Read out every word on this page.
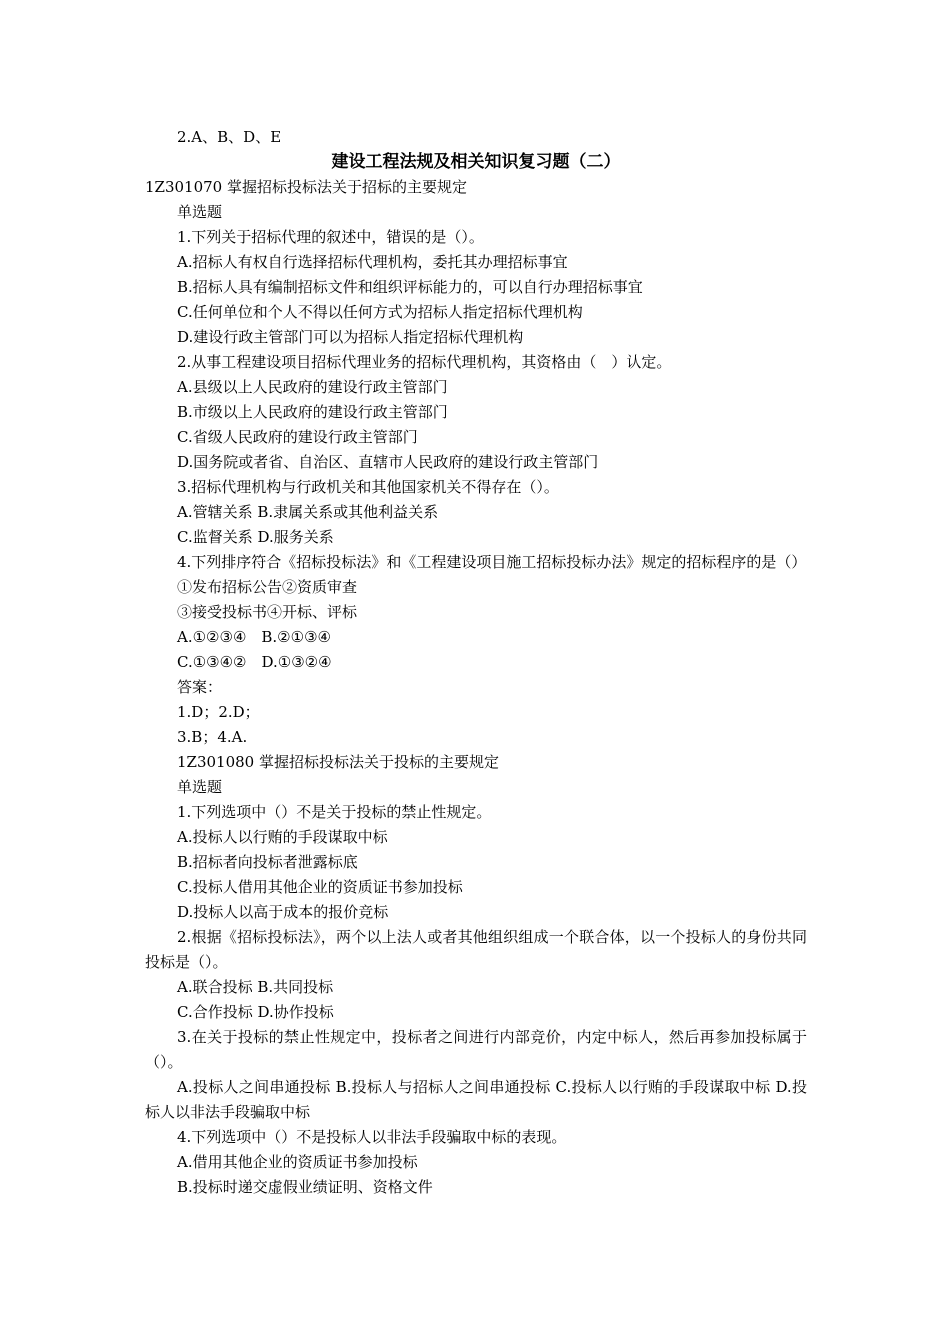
2.A、B、D、E
建设工程法规及相关知识复习题（二）
1Z301070 掌握招标投标法关于招标的主要规定
单选题
1.下列关于招标代理的叙述中，错误的是（）。
A.招标人有权自行选择招标代理机构，委托其办理招标事宜
B.招标人具有编制招标文件和组织评标能力的，可以自行办理招标事宜
C.任何单位和个人不得以任何方式为招标人指定招标代理机构
D.建设行政主管部门可以为招标人指定招标代理机构
2.从事工程建设项目招标代理业务的招标代理机构，其资格由（　）认定。
A.县级以上人民政府的建设行政主管部门
B.市级以上人民政府的建设行政主管部门
C.省级人民政府的建设行政主管部门
D.国务院或者省、自治区、直辖市人民政府的建设行政主管部门
3.招标代理机构与行政机关和其他国家机关不得存在（）。
A.管辖关系 B.隶属关系或其他利益关系
C.监督关系 D.服务关系
4.下列排序符合《招标投标法》和《工程建设项目施工招标投标办法》规定的招标程序的是（）
①发布招标公告②资质审查
③接受投标书④开标、评标
A.①②③④　B.②①③④
C.①③④②　D.①③②④
答案：
1.D；2.D；
3.B；4.A.
1Z301080 掌握招标投标法关于投标的主要规定
单选题
1.下列选项中（）不是关于投标的禁止性规定。
A.投标人以行贿的手段谋取中标
B.招标者向投标者泄露标底
C.投标人借用其他企业的资质证书参加投标
D.投标人以高于成本的报价竞标
2.根据《招标投标法》，两个以上法人或者其他组织组成一个联合体，以一个投标人的身份共同投标是（）。
A.联合投标 B.共同投标
C.合作投标 D.协作投标
3.在关于投标的禁止性规定中，投标者之间进行内部竞价，内定中标人，然后再参加投标属于（）。
A.投标人之间串通投标 B.投标人与招标人之间串通投标 C.投标人以行贿的手段谋取中标 D.投标人以非法手段骗取中标
4.下列选项中（）不是投标人以非法手段骗取中标的表现。
A.借用其他企业的资质证书参加投标
B.投标时递交虚假业绩证明、资格文件
